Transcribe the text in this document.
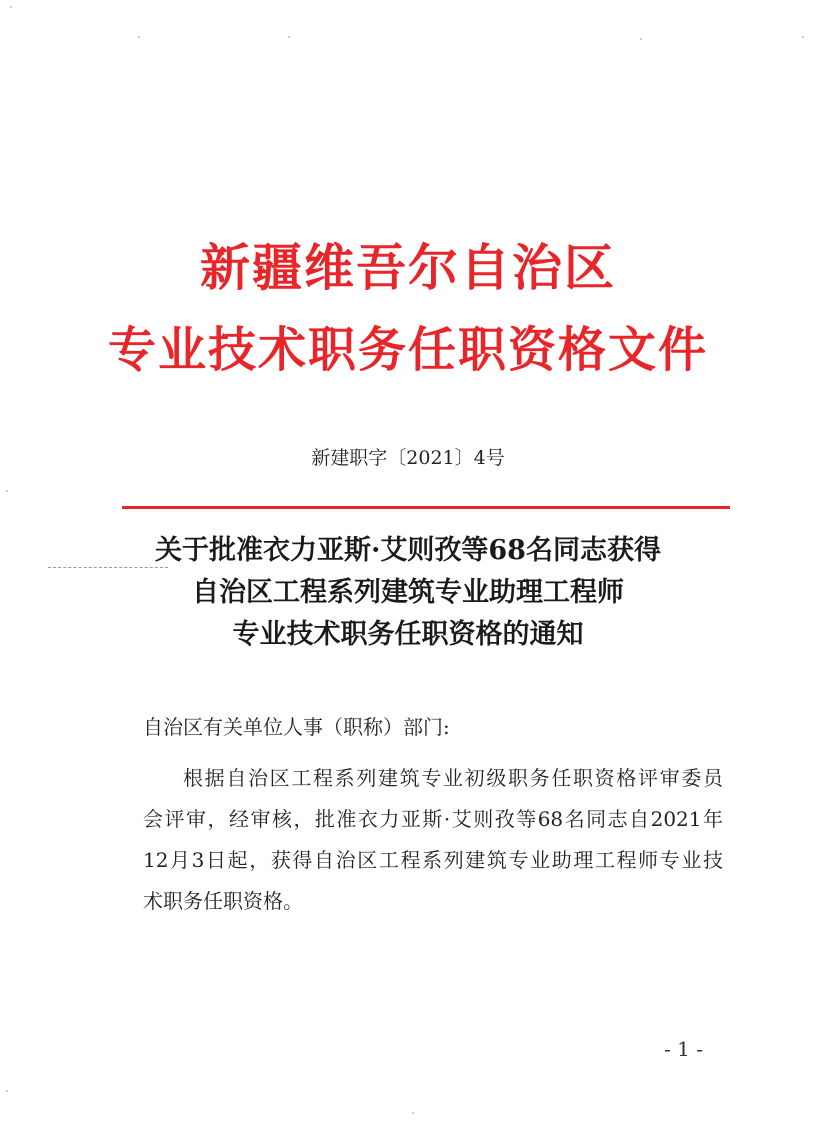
新疆维吾尔自治区
专业技术职务任职资格文件
新建职字〔2021〕4号
关于批准衣力亚斯·艾则孜等68名同志获得
自治区工程系列建筑专业助理工程师
专业技术职务任职资格的通知
自治区有关单位人事（职称）部门:
根据自治区工程系列建筑专业初级职务任职资格评审委员
会评审，经审核，批准衣力亚斯·艾则孜等68名同志自2021年
12月3日起，获得自治区工程系列建筑专业助理工程师专业技
术职务任职资格。
- 1 -
